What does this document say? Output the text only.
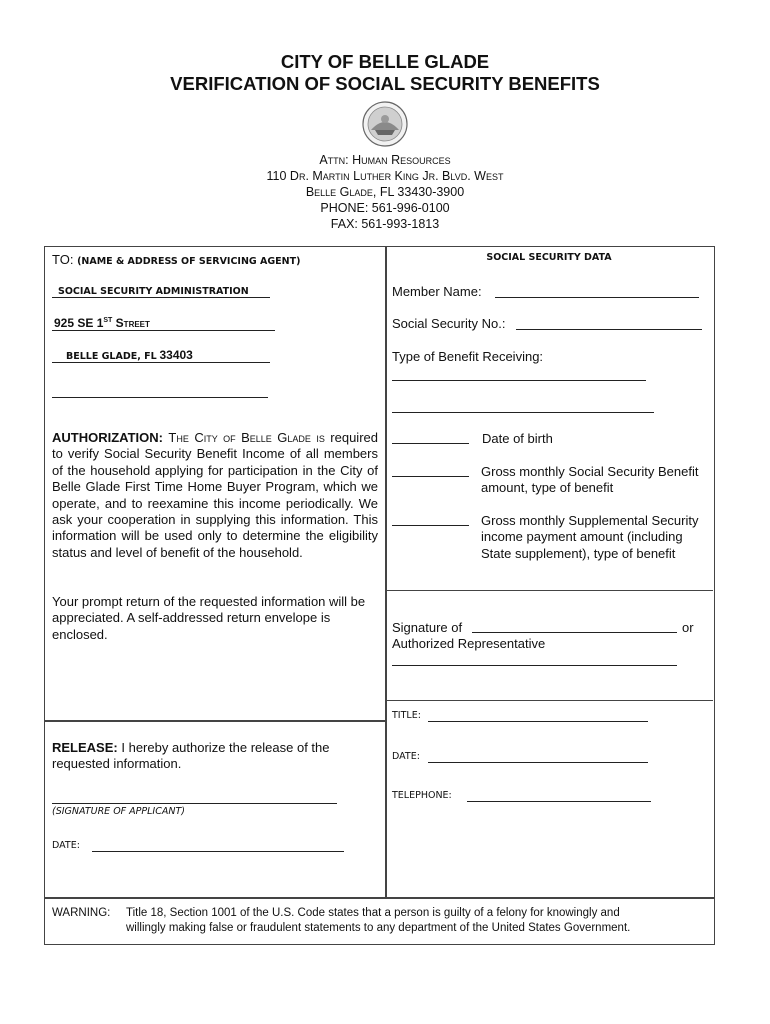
CITY OF BELLE GLADE
VERIFICATION OF SOCIAL SECURITY BENEFITS
Attn: Human Resources
110 Dr. Martin Luther King Jr. Blvd. West
Belle Glade, FL 33430-3900
PHONE: 561-996-0100
FAX: 561-993-1813
TO: (NAME & ADDRESS OF SERVICING AGENT)
SOCIAL SECURITY ADMINISTRATION
925 SE 1ST Street
BELLE GLADE, FL 33403
AUTHORIZATION: The City of Belle Glade is required to verify Social Security Benefit Income of all members of the household applying for participation in the City of Belle Glade First Time Home Buyer Program, which we operate, and to reexamine this income periodically. We ask your cooperation in supplying this information. This information will be used only to determine the eligibility status and level of benefit of the household.
Your prompt return of the requested information will be appreciated. A self-addressed return envelope is enclosed.
RELEASE: I hereby authorize the release of the requested information.
(SIGNATURE OF APPLICANT)
DATE:
SOCIAL SECURITY DATA
Member Name:
Social Security No.:
Type of Benefit Receiving:
Date of birth
Gross monthly Social Security Benefit amount, type of benefit
Gross monthly Supplemental Security income payment amount (including State supplement), type of benefit
Signature of	or
Authorized Representative
TITLE:
DATE:
TELEPHONE:
WARNING: Title 18, Section 1001 of the U.S. Code states that a person is guilty of a felony for knowingly and
willingly making false or fraudulent statements to any department of the United States Government.
